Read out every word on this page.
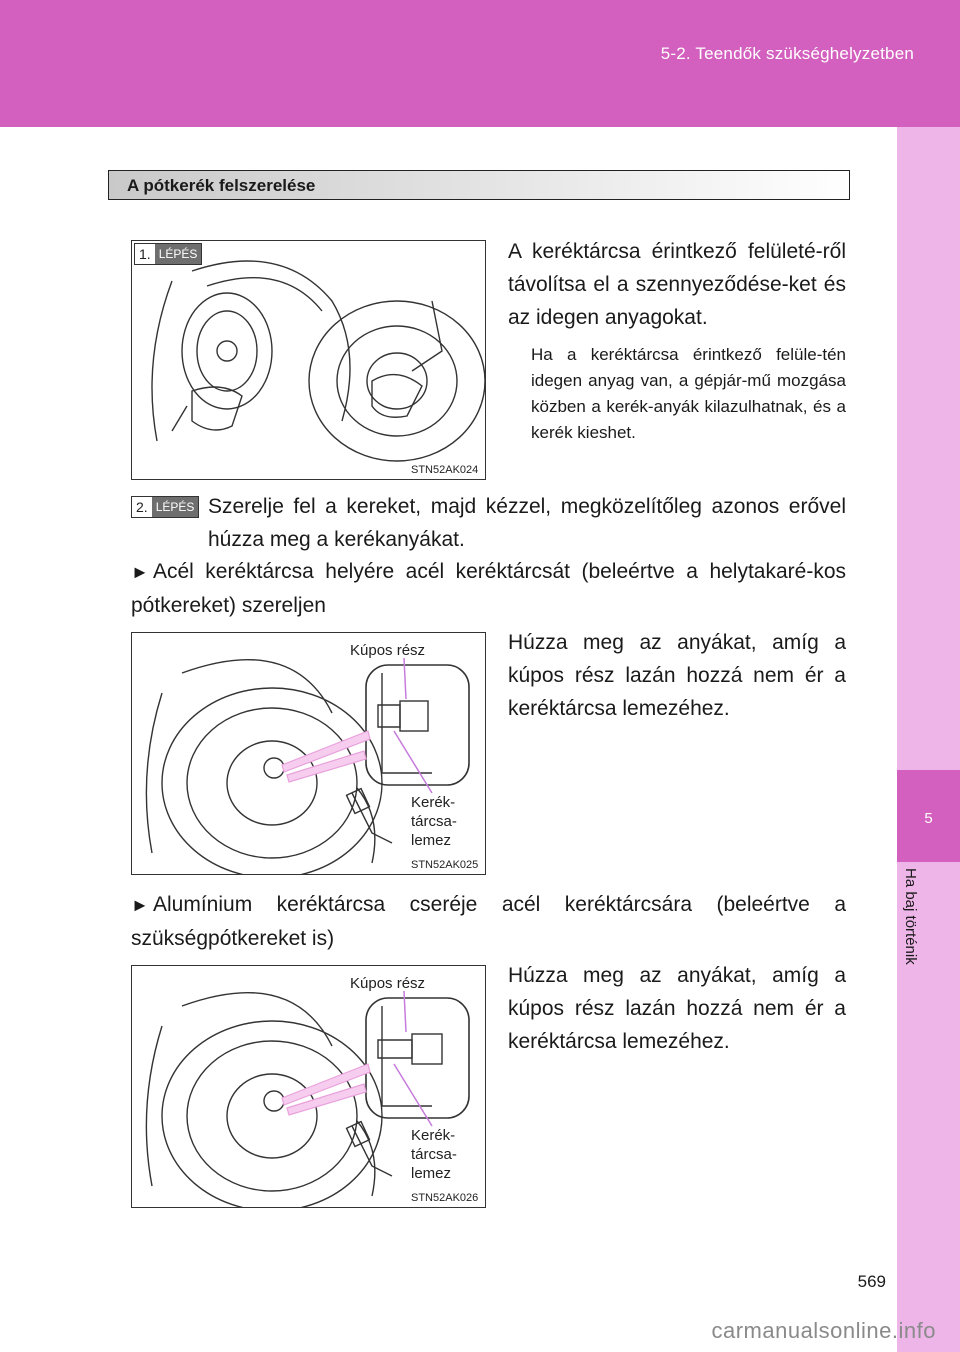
5-2. Teendők szükséghelyzetben
5
Ha baj történik
A pótkerék felszerelése
1. LÉPÉS
STN52AK024
A keréktárcsa érintkező felületé-ről távolítsa el a szennyeződése-ket és az idegen anyagokat.
Ha a keréktárcsa érintkező felüle-tén idegen anyag van, a gépjár-mű mozgása közben a kerék-anyák kilazulhatnak, és a kerék kieshet.
2. LÉPÉS Szerelje fel a kereket, majd kézzel, megközelítőleg azonos erővel húzza meg a kerékanyákat.
► Acél keréktárcsa helyére acél keréktárcsát (beleértve a helytakaré-kos pótkereket) szereljen
Kúpos rész
Kerék-
tárcsa-
lemez
STN52AK025
Húzza meg az anyákat, amíg a kúpos rész lazán hozzá nem ér a keréktárcsa lemezéhez.
► Alumínium keréktárcsa cseréje acél keréktárcsára (beleértve a szükségpótkereket is)
Kúpos rész
Kerék-
tárcsa-
lemez
STN52AK026
Húzza meg az anyákat, amíg a kúpos rész lazán hozzá nem ér a keréktárcsa lemezéhez.
569
carmanualsonline.info
